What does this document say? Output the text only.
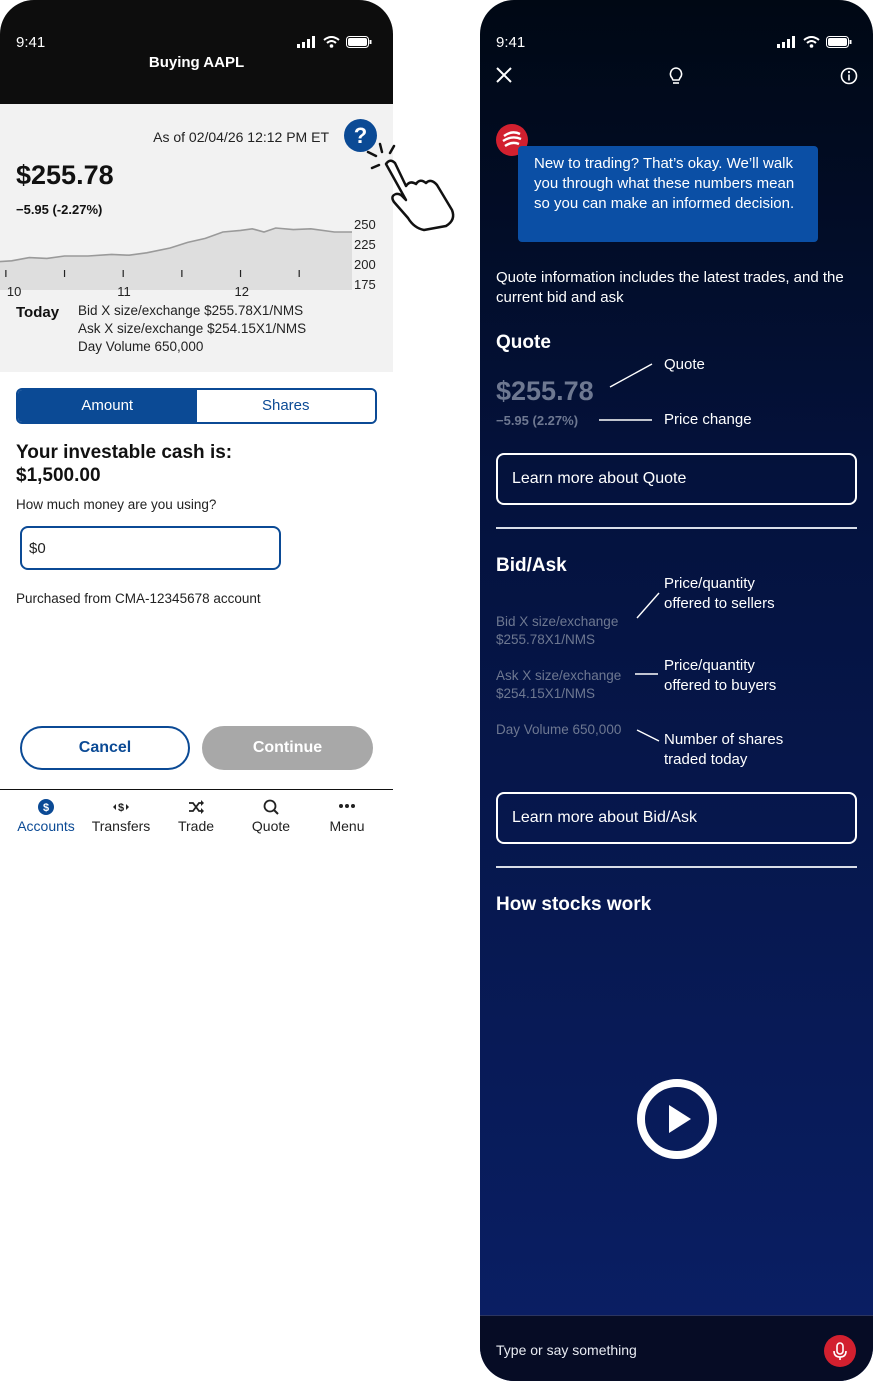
9:41
Buying AAPL
As of 02/04/26 12:12 PM ET	?
$255.78
−5.95 (-2.27%)
250
225
200
175
10	11	12
Today Bid X size/exchange $255.78X1/NMS
Ask X size/exchange $254.15X1/NMS
Day Volume 650,000
Amount	Shares
Your investable cash is:
$1,500.00
How much money are you using?
$0
Purchased from CMA-12345678 account
Cancel	Continue
$
Accounts
$
Transfers	Trade	Quote	Menu
9:41
New to trading? That’s okay. We’ll walk you through what these numbers mean so you can make an informed decision.
Quote information includes the latest trades, and the current bid and ask
Quote
$255.78
−5.95 (2.27%)
Quote
Price change
Learn more about Quote
Bid/Ask
Bid X size/exchange
$255.78X1/NMS
Ask X size/exchange
$254.15X1/NMS
Day Volume 650,000
Price/quantity
offered to sellers
Price/quantity
offered to buyers
Number of shares
traded today
Learn more about Bid/Ask
How stocks work
Type or say something
